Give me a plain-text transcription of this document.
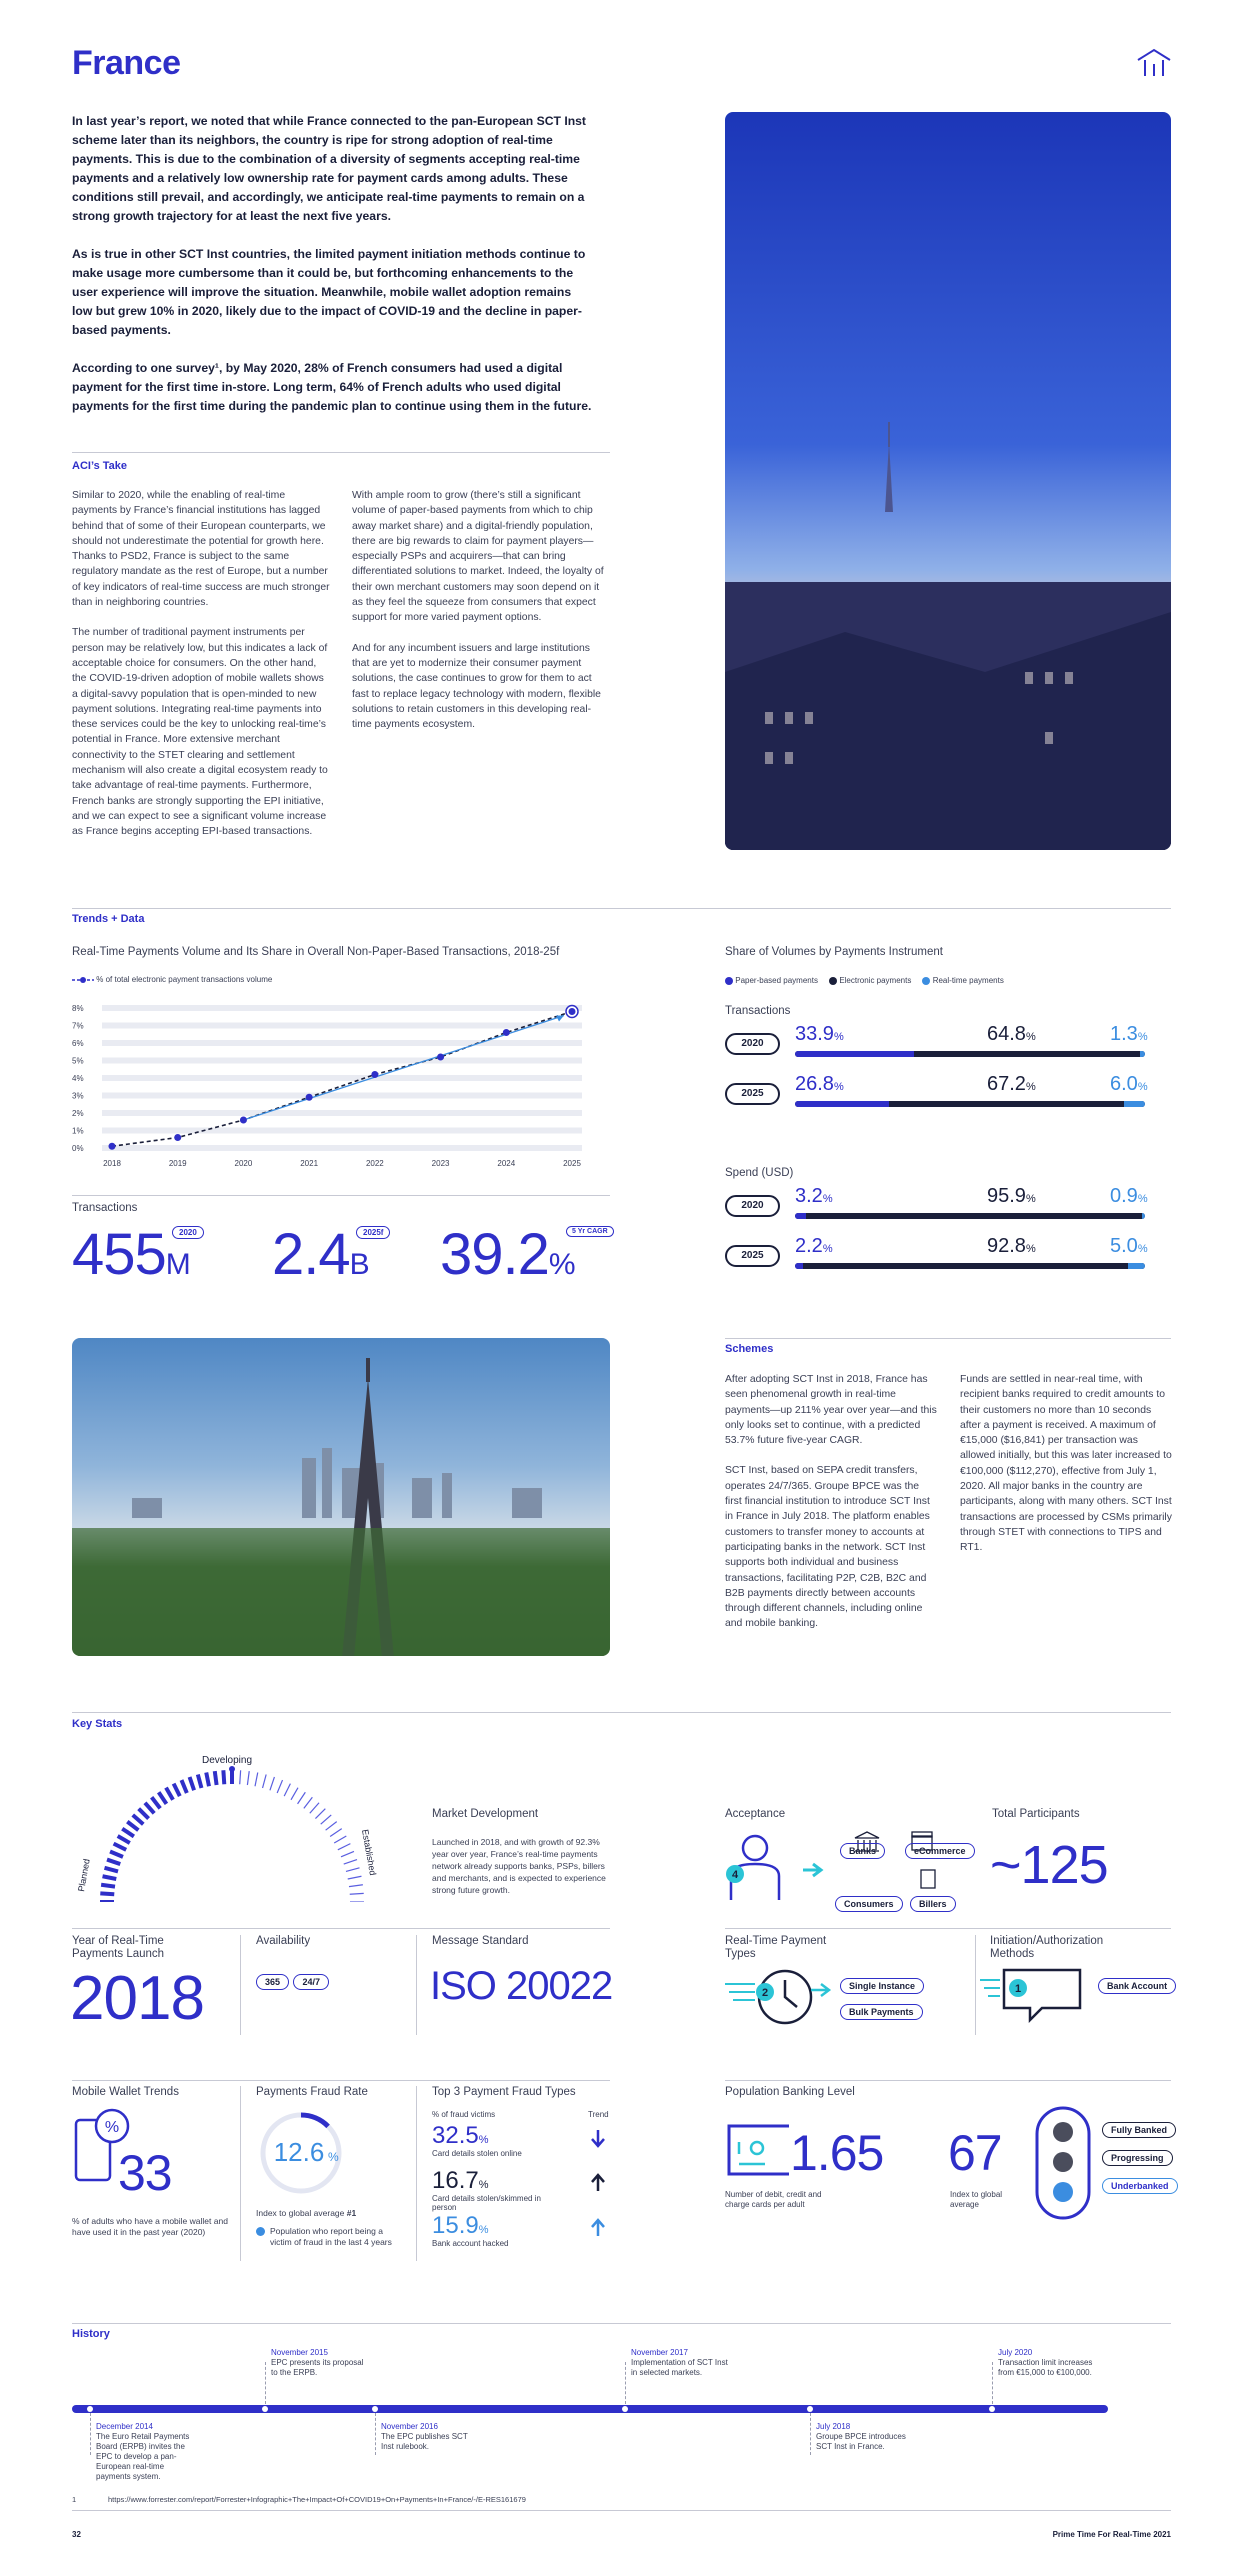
France

In last year’s report, we noted that while France connected to the pan-European SCT Inst scheme later than its neighbors, the country is ripe for strong adoption of real-time payments. This is due to the combination of a diversity of segments accepting real-time payments and a relatively low ownership rate for payment cards among adults. These conditions still prevail, and accordingly, we anticipate real-time payments to remain on a strong growth trajectory for at least the next five years.

As is true in other SCT Inst countries, the limited payment initiation methods continue to make usage more cumbersome than it could be, but forthcoming enhancements to the user experience will improve the situation. Meanwhile, mobile wallet adoption remains low but grew 10% in 2020, likely due to the impact of COVID-19 and the decline in paper-based payments.

According to one survey¹, by May 2020, 28% of French consumers had used a digital payment for the first time in-store. Long term, 64% of French adults who used digital payments for the first time during the pandemic plan to continue using them in the future.

ACI’s Take

Similar to 2020, while the enabling of real-time payments by France’s financial institutions has lagged behind that of some of their European counterparts, we should not underestimate the potential for growth here. Thanks to PSD2, France is subject to the same regulatory mandate as the rest of Europe, but a number of key indicators of real-time success are much stronger than in neighboring countries.

The number of traditional payment instruments per person may be relatively low, but this indicates a lack of acceptable choice for consumers. On the other hand, the COVID-19-driven adoption of mobile wallets shows a digital-savvy population that is open-minded to new payment solutions. Integrating real-time payments into these services could be the key to unlocking real-time’s potential in France. More extensive merchant connectivity to the STET clearing and settlement mechanism will also create a digital ecosystem ready to take advantage of real-time payments. Furthermore, French banks are strongly supporting the EPI initiative, and we can expect to see a significant volume increase as France begins accepting EPI-based transactions.

With ample room to grow (there’s still a significant volume of paper-based payments from which to chip away market share) and a digital-friendly population, there are big rewards to claim for payment players—especially PSPs and acquirers—that can bring differentiated solutions to market. Indeed, the loyalty of their own merchant customers may soon depend on it as they feel the squeeze from consumers that expect support for more varied payment options.

And for any incumbent issuers and large institutions that are yet to modernize their consumer payment solutions, the case continues to grow for them to act fast to replace legacy technology with modern, flexible solutions to retain customers in this developing real-time payments ecosystem.

Trends + Data
Real-Time Payments Volume and Its Share in Overall Non-Paper-Based Transactions, 2018-25f
% of total electronic payment transactions volume
0%
1%
2%
3%
4%
5%
6%
7%
8%
2018	2019	2020	2021	2022	2023	2024	2025
Transactions
455M
2020 2.4B
2025f 39.2%
5 Yr CAGR
Share of Volumes by Payments Instrument
Paper-based payments	Electronic payments	Real-time payments
Transactions
2020	33.9%	64.8%	1.3%
2025	26.8%	67.2%	6.0%
Spend (USD)
2020	3.2%	95.9%	0.9%
2025	2.2%	92.8%	5.0%
Schemes

After adopting SCT Inst in 2018, France has seen phenomenal growth in real-time payments—up 211% year over year—and this only looks set to continue, with a predicted 53.7% future five-year CAGR.

SCT Inst, based on SEPA credit transfers, operates 24/7/365. Groupe BPCE was the first financial institution to introduce SCT Inst in France in July 2018. The platform enables customers to transfer money to accounts at participating banks in the network. SCT Inst supports both individual and business transactions, facilitating P2P, C2B, B2C and B2B payments directly between accounts through different channels, including online and mobile banking.

Funds are settled in near-real time, with recipient banks required to credit amounts to their customers no more than 10 seconds after a payment is received. A maximum of €15,000 ($16,841) per transaction was allowed initially, but this was later increased to €100,000 ($112,270), effective from July 1, 2020. All major banks in the country are participants, along with many others. SCT Inst transactions are processed by CSMs primarily through STET with connections to TIPS and RT1.

Key Stats
Developing
Planned	Established
Market Development
Launched in 2018, and with growth of 92.3% year over year, France’s real-time payments network already supports banks, PSPs, billers and merchants, and is expected to experience strong future growth.
Acceptance
4
Banks	eCommerce
Consumers	Billers
Total Participants
~125
Year of Real-Time Payments Launch
2018
Availability
365 24/7
Message Standard
ISO 20022
Real-Time Payment Types
2
Single Instance
Bulk Payments
Initiation/Authorization Methods
1	Bank Account
Mobile Wallet Trends
%
33
% of adults who have a mobile wallet and have used it in the past year (2020)
Payments Fraud Rate
12.6 %
Index to global average #1
Population who report being a victim of fraud in the last 4 years
Top 3 Payment Fraud Types
% of fraud victims	Trend
32.5%
Card details stolen online
16.7%
Card details stolen/skimmed in person
15.9%
Bank account hacked
Population Banking Level
1.65
Number of debit, credit and charge cards per adult
67
Index to global average
Fully Banked
Progressing
Underbanked
History
December 2014
The Euro Retail Payments Board (ERPB) invites the EPC to develop a pan-European real-time payments system.
November 2015
EPC presents its proposal to the ERPB.
November 2016
The EPC publishes SCT Inst rulebook.
November 2017
Implementation of SCT Inst in selected markets.
July 2018
Groupe BPCE introduces SCT Inst in France.
July 2020
Transaction limit increases from €15,000 to €100,000.
1	https://www.forrester.com/report/Forrester+Infographic+The+Impact+Of+COVID19+On+Payments+In+France/-/E-RES161679
32	Prime Time For Real-Time 2021
